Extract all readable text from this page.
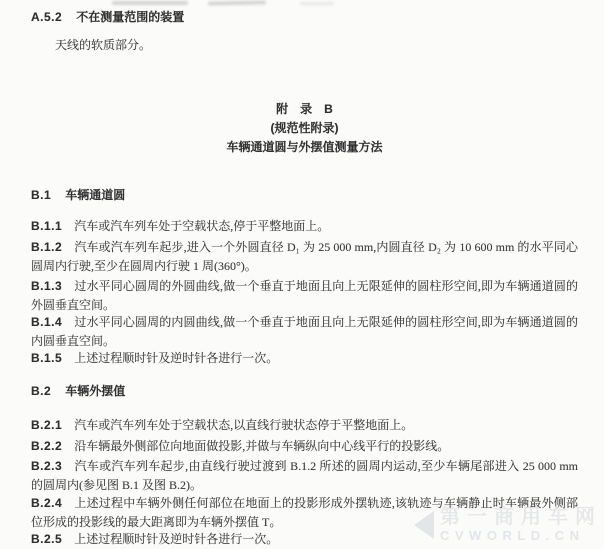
A.5.2 不在测量范围的装置
天线的软质部分。
附　录　B
(规范性附录)
车辆通道圆与外摆值测量方法
B.1 车辆通道圆

B.1.1 汽车或汽车列车处于空载状态,停于平整地面上。

B.1.2 汽车或汽车列车起步,进入一个外圆直径 D₁ 为 25 000 mm,内圆直径 D₂ 为 10 600 mm 的水平同心圆周内行驶,至少在圆周内行驶 1 周(360°)。

B.1.3 过水平同心圆周的外圆曲线,做一个垂直于地面且向上无限延伸的圆柱形空间,即为车辆通道圆的外圆垂直空间。

B.1.4 过水平同心圆周的内圆曲线,做一个垂直于地面且向上无限延伸的圆柱形空间,即为车辆通道圆的内圆垂直空间。

B.1.5 上述过程顺时针及逆时针各进行一次。

B.2 车辆外摆值

B.2.1 汽车或汽车列车处于空载状态,以直线行驶状态停于平整地面上。

B.2.2 沿车辆最外侧部位向地面做投影,并做与车辆纵向中心线平行的投影线。

B.2.3 汽车或汽车列车起步,由直线行驶过渡到 B.1.2 所述的圆周内运动,至少车辆尾部进入 25 000 mm 的圆周内(参见图 B.1 及图 B.2)。

B.2.4 上述过程中车辆外侧任何部位在地面上的投影形成外摆轨迹,该轨迹与车辆静止时车辆最外侧部位形成的投影线的最大距离即为车辆外摆值 T。

B.2.5 上述过程顺时针及逆时针各进行一次。

第一商用车网
CVWORLD.CN
